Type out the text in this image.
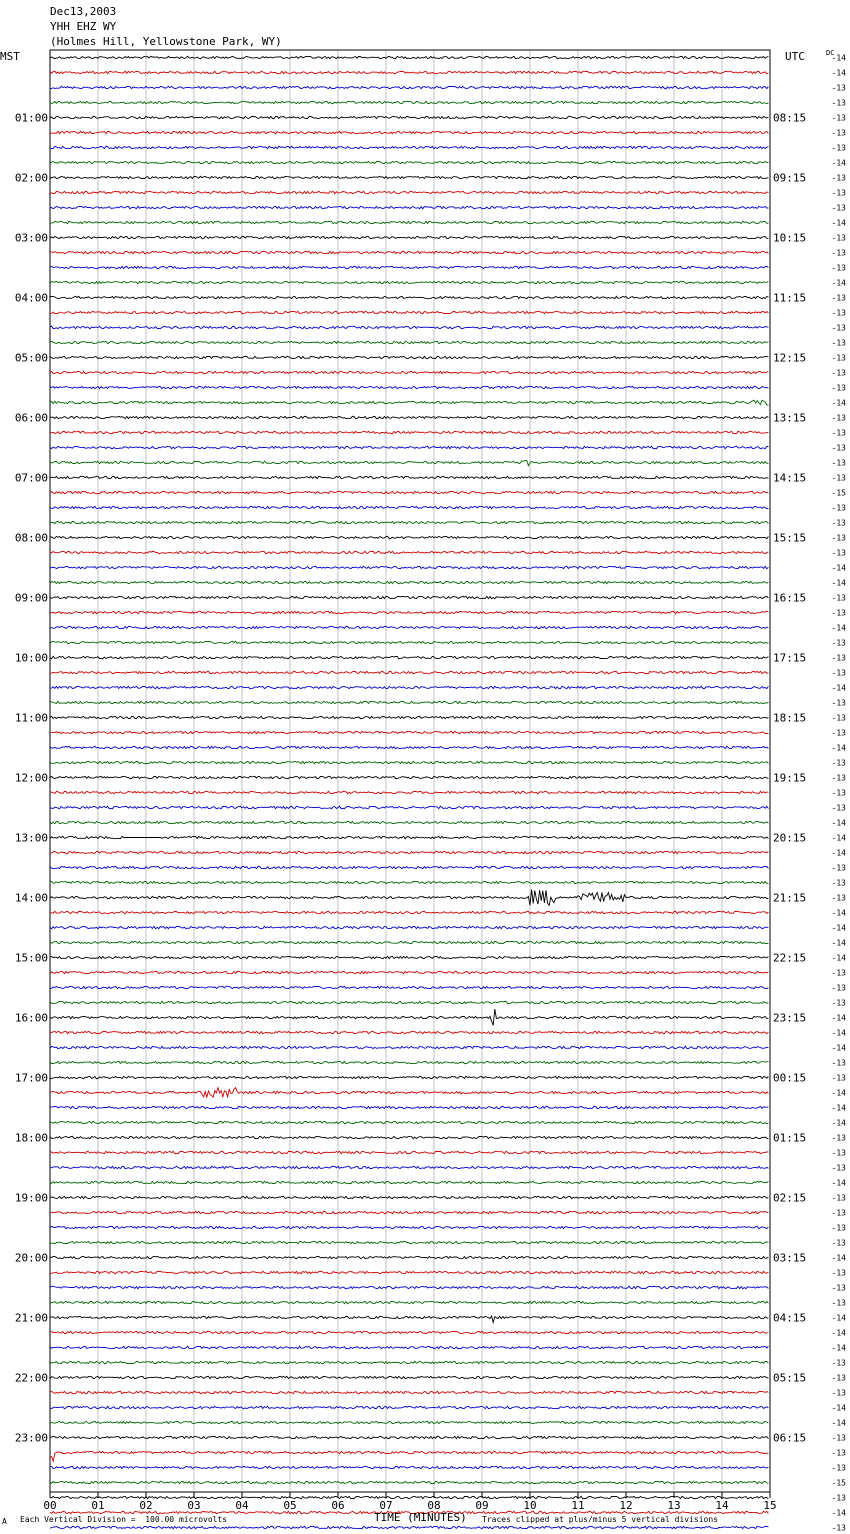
Dec13,2003
YHH EHZ WY
(Holmes Hill, Yellowstone Park, WY)
MST	UTC	DC
00	01	02	03	04	05	06	07	08	09	10	11	12	13	14	15
-14
-14
-13
-13
-13
-13
-13
-14
-13
-13
-13
-14
-13
-13
-13
-14
-13
-13
-13
-13
-13
-13
-13
-14
-13
-13
-13
-13
-13
-15
-13
-13
-13
-13
-14
-14
-13
-13
-14
-13
-13
-13
-14
-13
-13
-13
-14
-13
-13
-13
-13
-14
-14
-14
-13
-13
-13
-14
-14
-14
-14
-13
-13
-13
-14
-14
-14
-13
-13
-14
-14
-14
-13
-13
-13
-14
-13
-13
-13
-13
-14
-13
-13
-13
-14
-14
-14
-13
-13
-13
-14
-14
-13
-13
-13
-15
-13
-14
-13
01:00
02:00
03:00
04:00
05:00
06:00
07:00
08:00
09:00
10:00
11:00
12:00
13:00
14:00
15:00
16:00
17:00
18:00
19:00
20:00
21:00
22:00
23:00
08:15
09:15
10:15
11:15
12:15
13:15
14:15
15:15
16:15
17:15
18:15
19:15
20:15
21:15
22:15
23:15
00:15
01:15
02:15
03:15
04:15
05:15
06:15
A Each Vertical Division =  100.00 microvolts	TIME (MINUTES) Traces clipped at plus/minus 5 vertical divisions
